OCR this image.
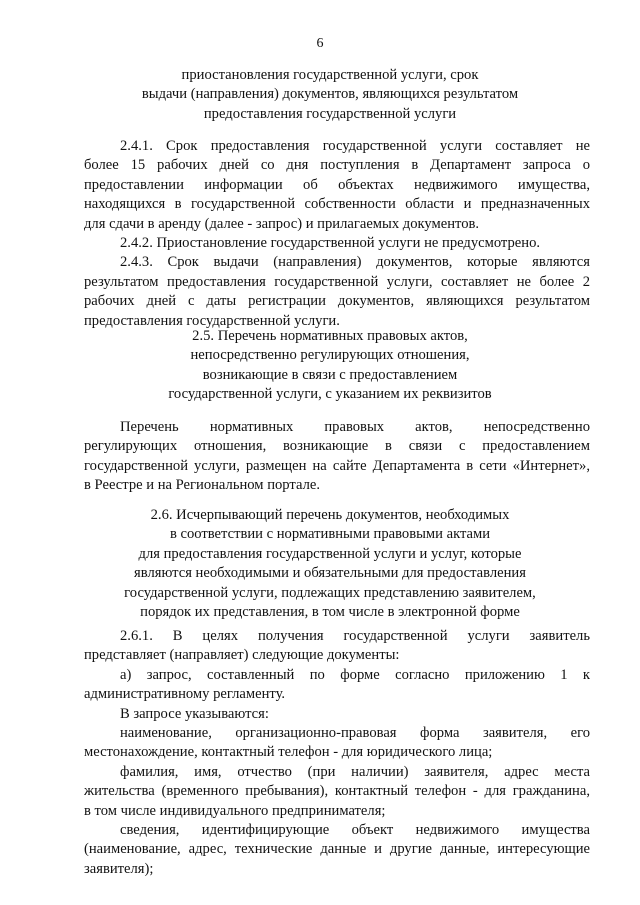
6
приостановления государственной услуги, срок
выдачи (направления) документов, являющихся результатом
предоставления государственной услуги
2.4.1. Срок предоставления государственной услуги составляет не
более 15 рабочих дней со дня поступления в Департамент запроса о
предоставлении информации об объектах недвижимого имущества,
находящихся в государственной собственности области и предназначенных
для сдачи в аренду (далее - запрос) и прилагаемых документов.
2.4.2. Приостановление государственной услуги не предусмотрено.
2.4.3. Срок выдачи (направления) документов, которые являются
результатом предоставления государственной услуги, составляет не более 2
рабочих дней с даты регистрации документов, являющихся результатом
предоставления государственной услуги.
2.5. Перечень нормативных правовых актов,
непосредственно регулирующих отношения,
возникающие в связи с предоставлением
государственной услуги, с указанием их реквизитов
Перечень нормативных правовых актов, непосредственно
регулирующих отношения, возникающие в связи с предоставлением
государственной услуги, размещен на сайте Департамента в сети «Интернет»,
в Реестре и на Региональном портале.
2.6. Исчерпывающий перечень документов, необходимых
в соответствии с нормативными правовыми актами
для предоставления государственной услуги и услуг, которые
являются необходимыми и обязательными для предоставления
государственной услуги, подлежащих представлению заявителем,
порядок их представления, в том числе в электронной форме
2.6.1. В целях получения государственной услуги заявитель
представляет (направляет) следующие документы:
а) запрос, составленный по форме согласно приложению 1 к
административному регламенту.
В запросе указываются:
наименование, организационно-правовая форма заявителя, его
местонахождение, контактный телефон - для юридического лица;
фамилия, имя, отчество (при наличии) заявителя, адрес места
жительства (временного пребывания), контактный телефон - для гражданина,
в том числе индивидуального предпринимателя;
сведения, идентифицирующие объект недвижимого имущества
(наименование, адрес, технические данные и другие данные, интересующие
заявителя);
